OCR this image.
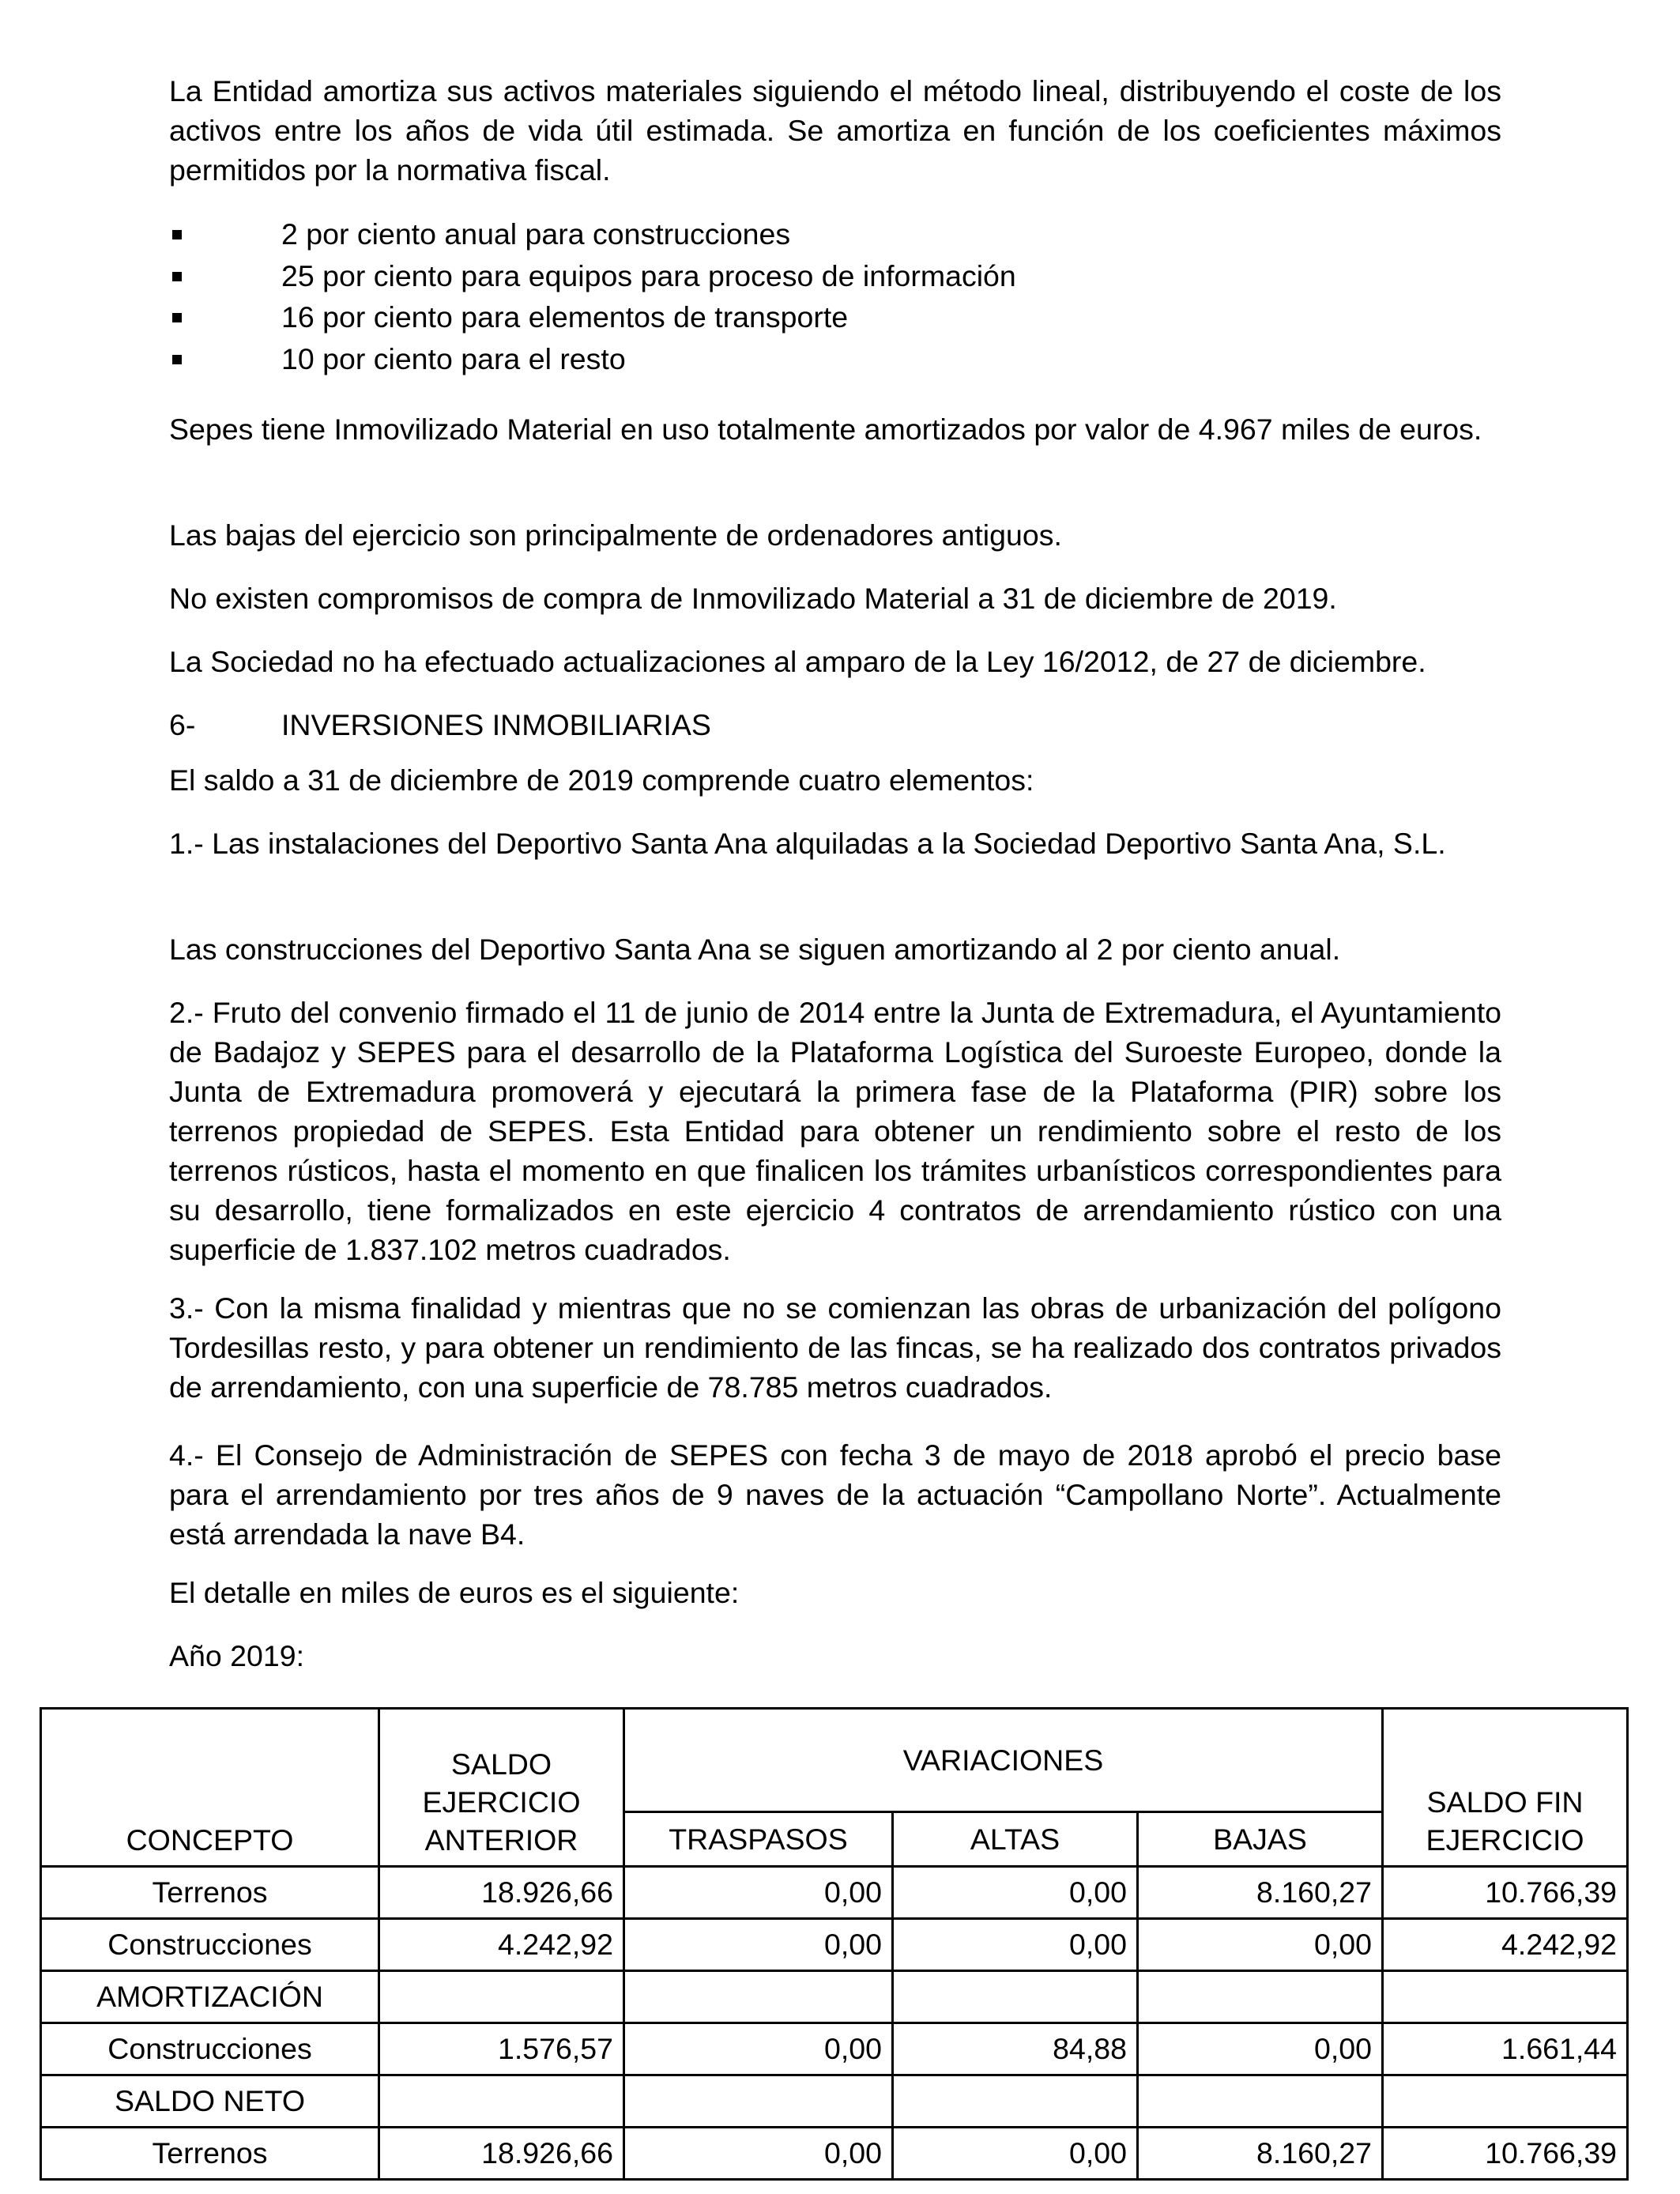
La Entidad amortiza sus activos materiales siguiendo el método lineal, distribuyendo el coste de los activos entre los años de vida útil estimada. Se amortiza en función de los coeficientes máximos permitidos por la normativa fiscal.

2 por ciento anual para construcciones
25 por ciento para equipos para proceso de información
16 por ciento para elementos de transporte
10 por ciento para el resto

Sepes tiene Inmovilizado Material en uso totalmente amortizados por valor de 4.967 miles de euros.

Las bajas del ejercicio son principalmente de ordenadores antiguos.

No existen compromisos de compra de Inmovilizado Material a 31 de diciembre de 2019.

La Sociedad no ha efectuado actualizaciones al amparo de la Ley 16/2012, de 27 de diciembre.

6-	INVERSIONES INMOBILIARIAS

El saldo a 31 de diciembre de 2019 comprende cuatro elementos:

1.- Las instalaciones del Deportivo Santa Ana alquiladas a la Sociedad Deportivo Santa Ana, S.L.

Las construcciones del Deportivo Santa Ana se siguen amortizando al 2 por ciento anual.

2.- Fruto del convenio firmado el 11 de junio de 2014 entre la Junta de Extremadura, el Ayuntamiento de Badajoz y SEPES para el desarrollo de la Plataforma Logística del Suroeste Europeo, donde la Junta de Extremadura promoverá y ejecutará la primera fase de la Plataforma (PIR) sobre los terrenos propiedad de SEPES. Esta Entidad para obtener un rendimiento sobre el resto de los terrenos rústicos, hasta el momento en que finalicen los trámites urbanísticos correspondientes para su desarrollo, tiene formalizados en este ejercicio 4 contratos de arrendamiento rústico con una superficie de 1.837.102 metros cuadrados.

3.- Con la misma finalidad y mientras que no se comienzan las obras de urbanización del polígono Tordesillas resto, y para obtener un rendimiento de las fincas, se ha realizado dos contratos privados de arrendamiento, con una superficie de 78.785 metros cuadrados.

4.- El Consejo de Administración de SEPES con fecha 3 de mayo de 2018 aprobó el precio base para el arrendamiento por tres años de 9 naves de la actuación “Campollano Norte”. Actualmente está arrendada la nave B4.

El detalle en miles de euros es el siguiente:

Año 2019:

CONCEPTO	SALDO EJERCICIO ANTERIOR	VARIACIONES			SALDO FIN EJERCICIO
		TRASPASOS	ALTAS	BAJAS	
Terrenos	18.926,66	0,00	0,00	8.160,27	10.766,39
Construcciones	4.242,92	0,00	0,00	0,00	4.242,92
AMORTIZACIÓN					
Construcciones	1.576,57	0,00	84,88	0,00	1.661,44
SALDO NETO					
Terrenos	18.926,66	0,00	0,00	8.160,27	10.766,39
